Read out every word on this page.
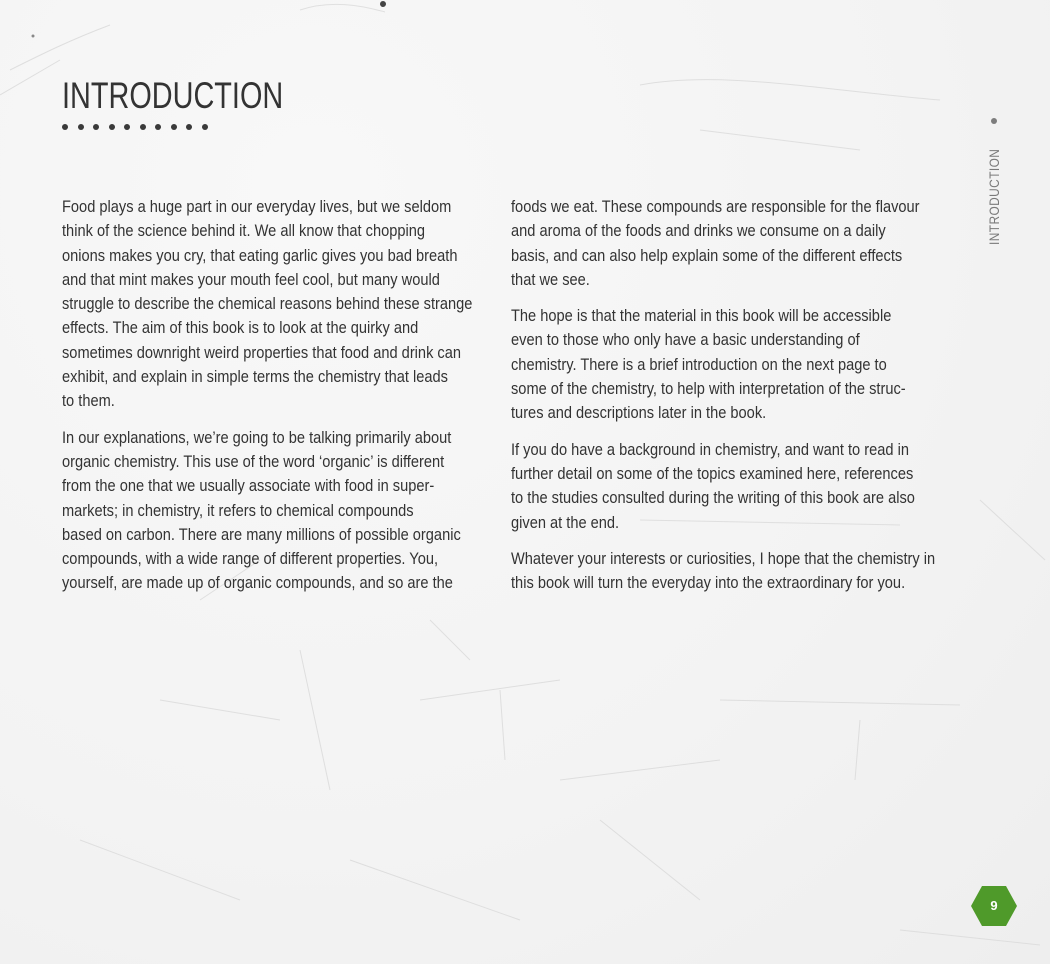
INTRODUCTION

Food plays a huge part in our everyday lives, but we seldom
think of the science behind it. We all know that chopping
onions makes you cry, that eating garlic gives you bad breath
and that mint makes your mouth feel cool, but many would
struggle to describe the chemical reasons behind these strange
effects. The aim of this book is to look at the quirky and
sometimes downright weird properties that food and drink can
exhibit, and explain in simple terms the chemistry that leads
to them.

In our explanations, we’re going to be talking primarily about
organic chemistry. This use of the word ‘organic’ is different
from the one that we usually associate with food in super-
markets; in chemistry, it refers to chemical compounds
based on carbon. There are many millions of possible organic
compounds, with a wide range of different properties. You,
yourself, are made up of organic compounds, and so are the

foods we eat. These compounds are responsible for the flavour
and aroma of the foods and drinks we consume on a daily
basis, and can also help explain some of the different effects
that we see.

The hope is that the material in this book will be accessible
even to those who only have a basic understanding of
chemistry. There is a brief introduction on the next page to
some of the chemistry, to help with interpretation of the struc-
tures and descriptions later in the book.

If you do have a background in chemistry, and want to read in
further detail on some of the topics examined here, references
to the studies consulted during the writing of this book are also
given at the end.

Whatever your interests or curiosities, I hope that the chemistry in
this book will turn the everyday into the extraordinary for you.

INTRODUCTION
9
